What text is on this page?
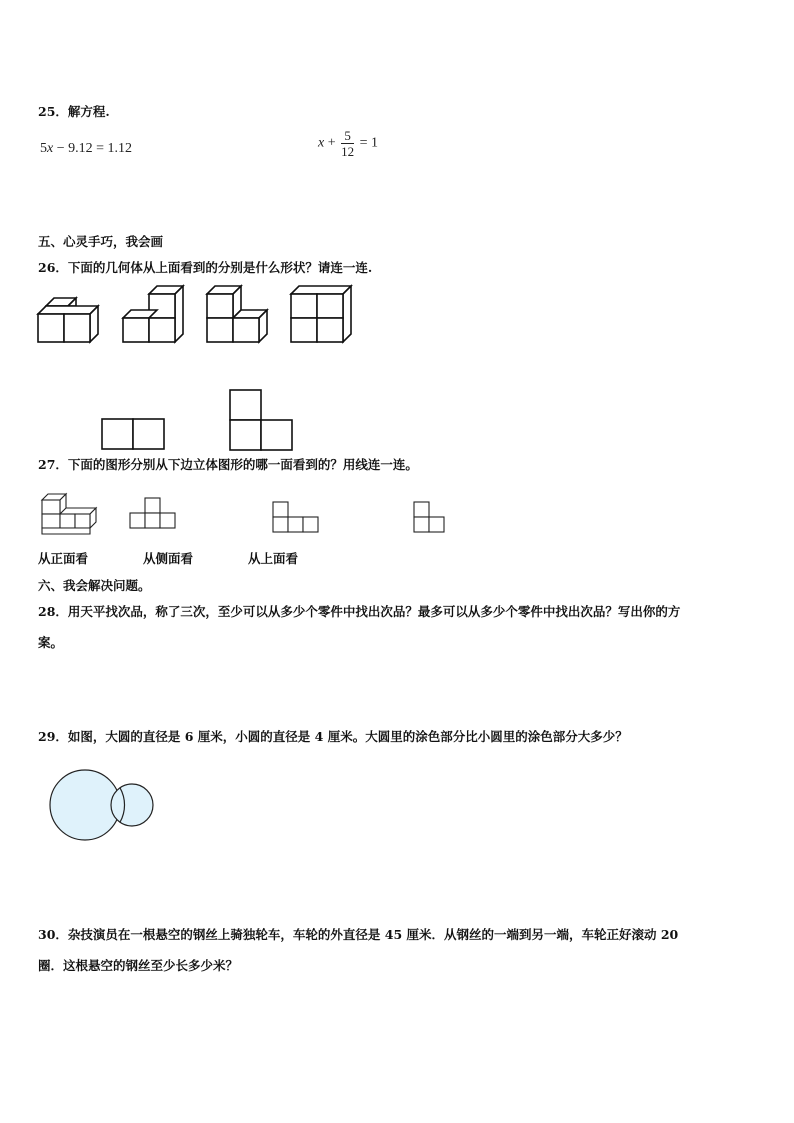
25．解方程.
5x − 9.12 = 1.12	$x + \frac{5}{12} = 1$
五、心灵手巧，我会画
26．下面的几何体从上面看到的分别是什么形状？请连一连.
27．下面的图形分别从下边立体图形的哪一面看到的？用线连一连。
从正面看	从侧面看	从上面看
六、我会解决问题。
28．用天平找次品，称了三次，至少可以从多少个零件中找出次品？最多可以从多少个零件中找出次品？写出你的方
案。
29．如图，大圆的直径是 6 厘米，小圆的直径是 4 厘米。大圆里的涂色部分比小圆里的涂色部分大多少？
30．杂技演员在一根悬空的钢丝上骑独轮车，车轮的外直径是 45 厘米．从钢丝的一端到另一端，车轮正好滚动 20
圈．这根悬空的钢丝至少长多少米？
